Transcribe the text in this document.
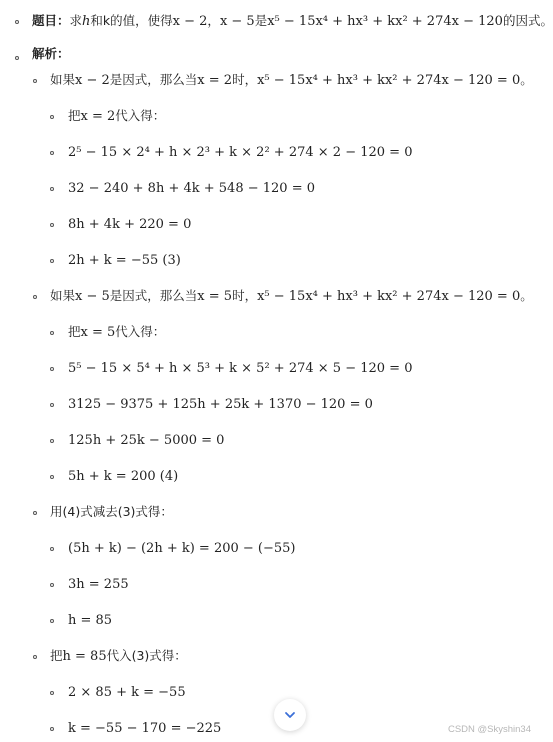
题目：求h和k的值，使得x − 2，x − 5是x⁵ − 15x⁴ + hx³ + kx² + 274x − 120的因式。
解析：
如果x − 2是因式，那么当x = 2时，x⁵ − 15x⁴ + hx³ + kx² + 274x − 120 = 0。
把x = 2代入得：
2⁵ − 15 × 2⁴ + h × 2³ + k × 2² + 274 × 2 − 120 = 0
32 − 240 + 8h + 4k + 548 − 120 = 0
8h + 4k + 220 = 0
2h + k = −55 (3)
如果x − 5是因式，那么当x = 5时，x⁵ − 15x⁴ + hx³ + kx² + 274x − 120 = 0。
把x = 5代入得：
5⁵ − 15 × 5⁴ + h × 5³ + k × 5² + 274 × 5 − 120 = 0
3125 − 9375 + 125h + 25k + 1370 − 120 = 0
125h + 25k − 5000 = 0
5h + k = 200 (4)
用(4)式减去(3)式得：
(5h + k) − (2h + k) = 200 − (−55)
3h = 255
h = 85
把h = 85代入(3)式得：
2 × 85 + k = −55
k = −55 − 170 = −225	CSDN @Skyshin34
